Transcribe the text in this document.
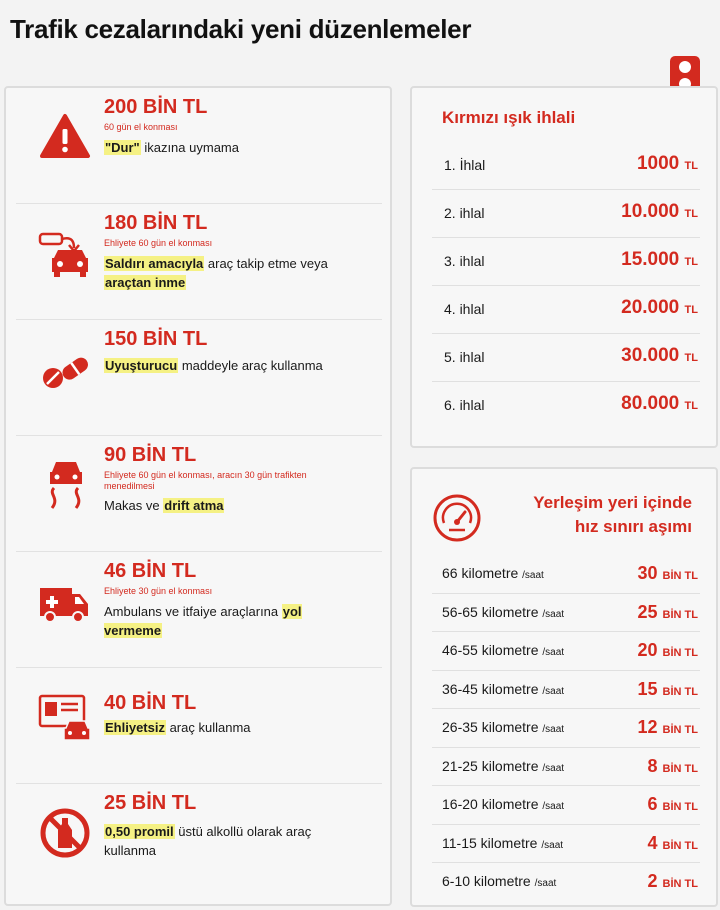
Trafik cezalarındaki yeni düzenlemeler
200 BİN TL
60 gün el konması
"Dur" ikazına uymama
180 BİN TL
Ehliyete 60 gün el konması
Saldırı amacıyla araç takip etme veya araçtan inme
150 BİN TL
Uyuşturucu maddeyle araç kullanma
90 BİN TL
Ehliyete 60 gün el konması, aracın 30 gün trafikten menedilmesi
Makas ve drift atma
46 BİN TL
Ehliyete 30 gün el konması
Ambulans ve itfaiye araçlarına yol vermeme
40 BİN TL
Ehliyetsiz araç kullanma
25 BİN TL
0,50 promil üstü alkollü olarak araç kullanma
Kırmızı ışık ihlali
1. İhlal	1000 TL
2. ihlal	10.000 TL
3. ihlal	15.000 TL
4. ihlal	20.000 TL
5. ihlal	30.000 TL
6. ihlal	80.000 TL
Yerleşim yeri içinde
hız sınırı aşımı
66 kilometre /saat	30 BİN TL
56-65 kilometre /saat	25 BİN TL
46-55 kilometre /saat	20 BİN TL
36-45 kilometre /saat	15 BİN TL
26-35 kilometre /saat	12 BİN TL
21-25 kilometre /saat	8 BİN TL
16-20 kilometre /saat	6 BİN TL
11-15 kilometre /saat	4 BİN TL
6-10 kilometre /saat	2 BİN TL
